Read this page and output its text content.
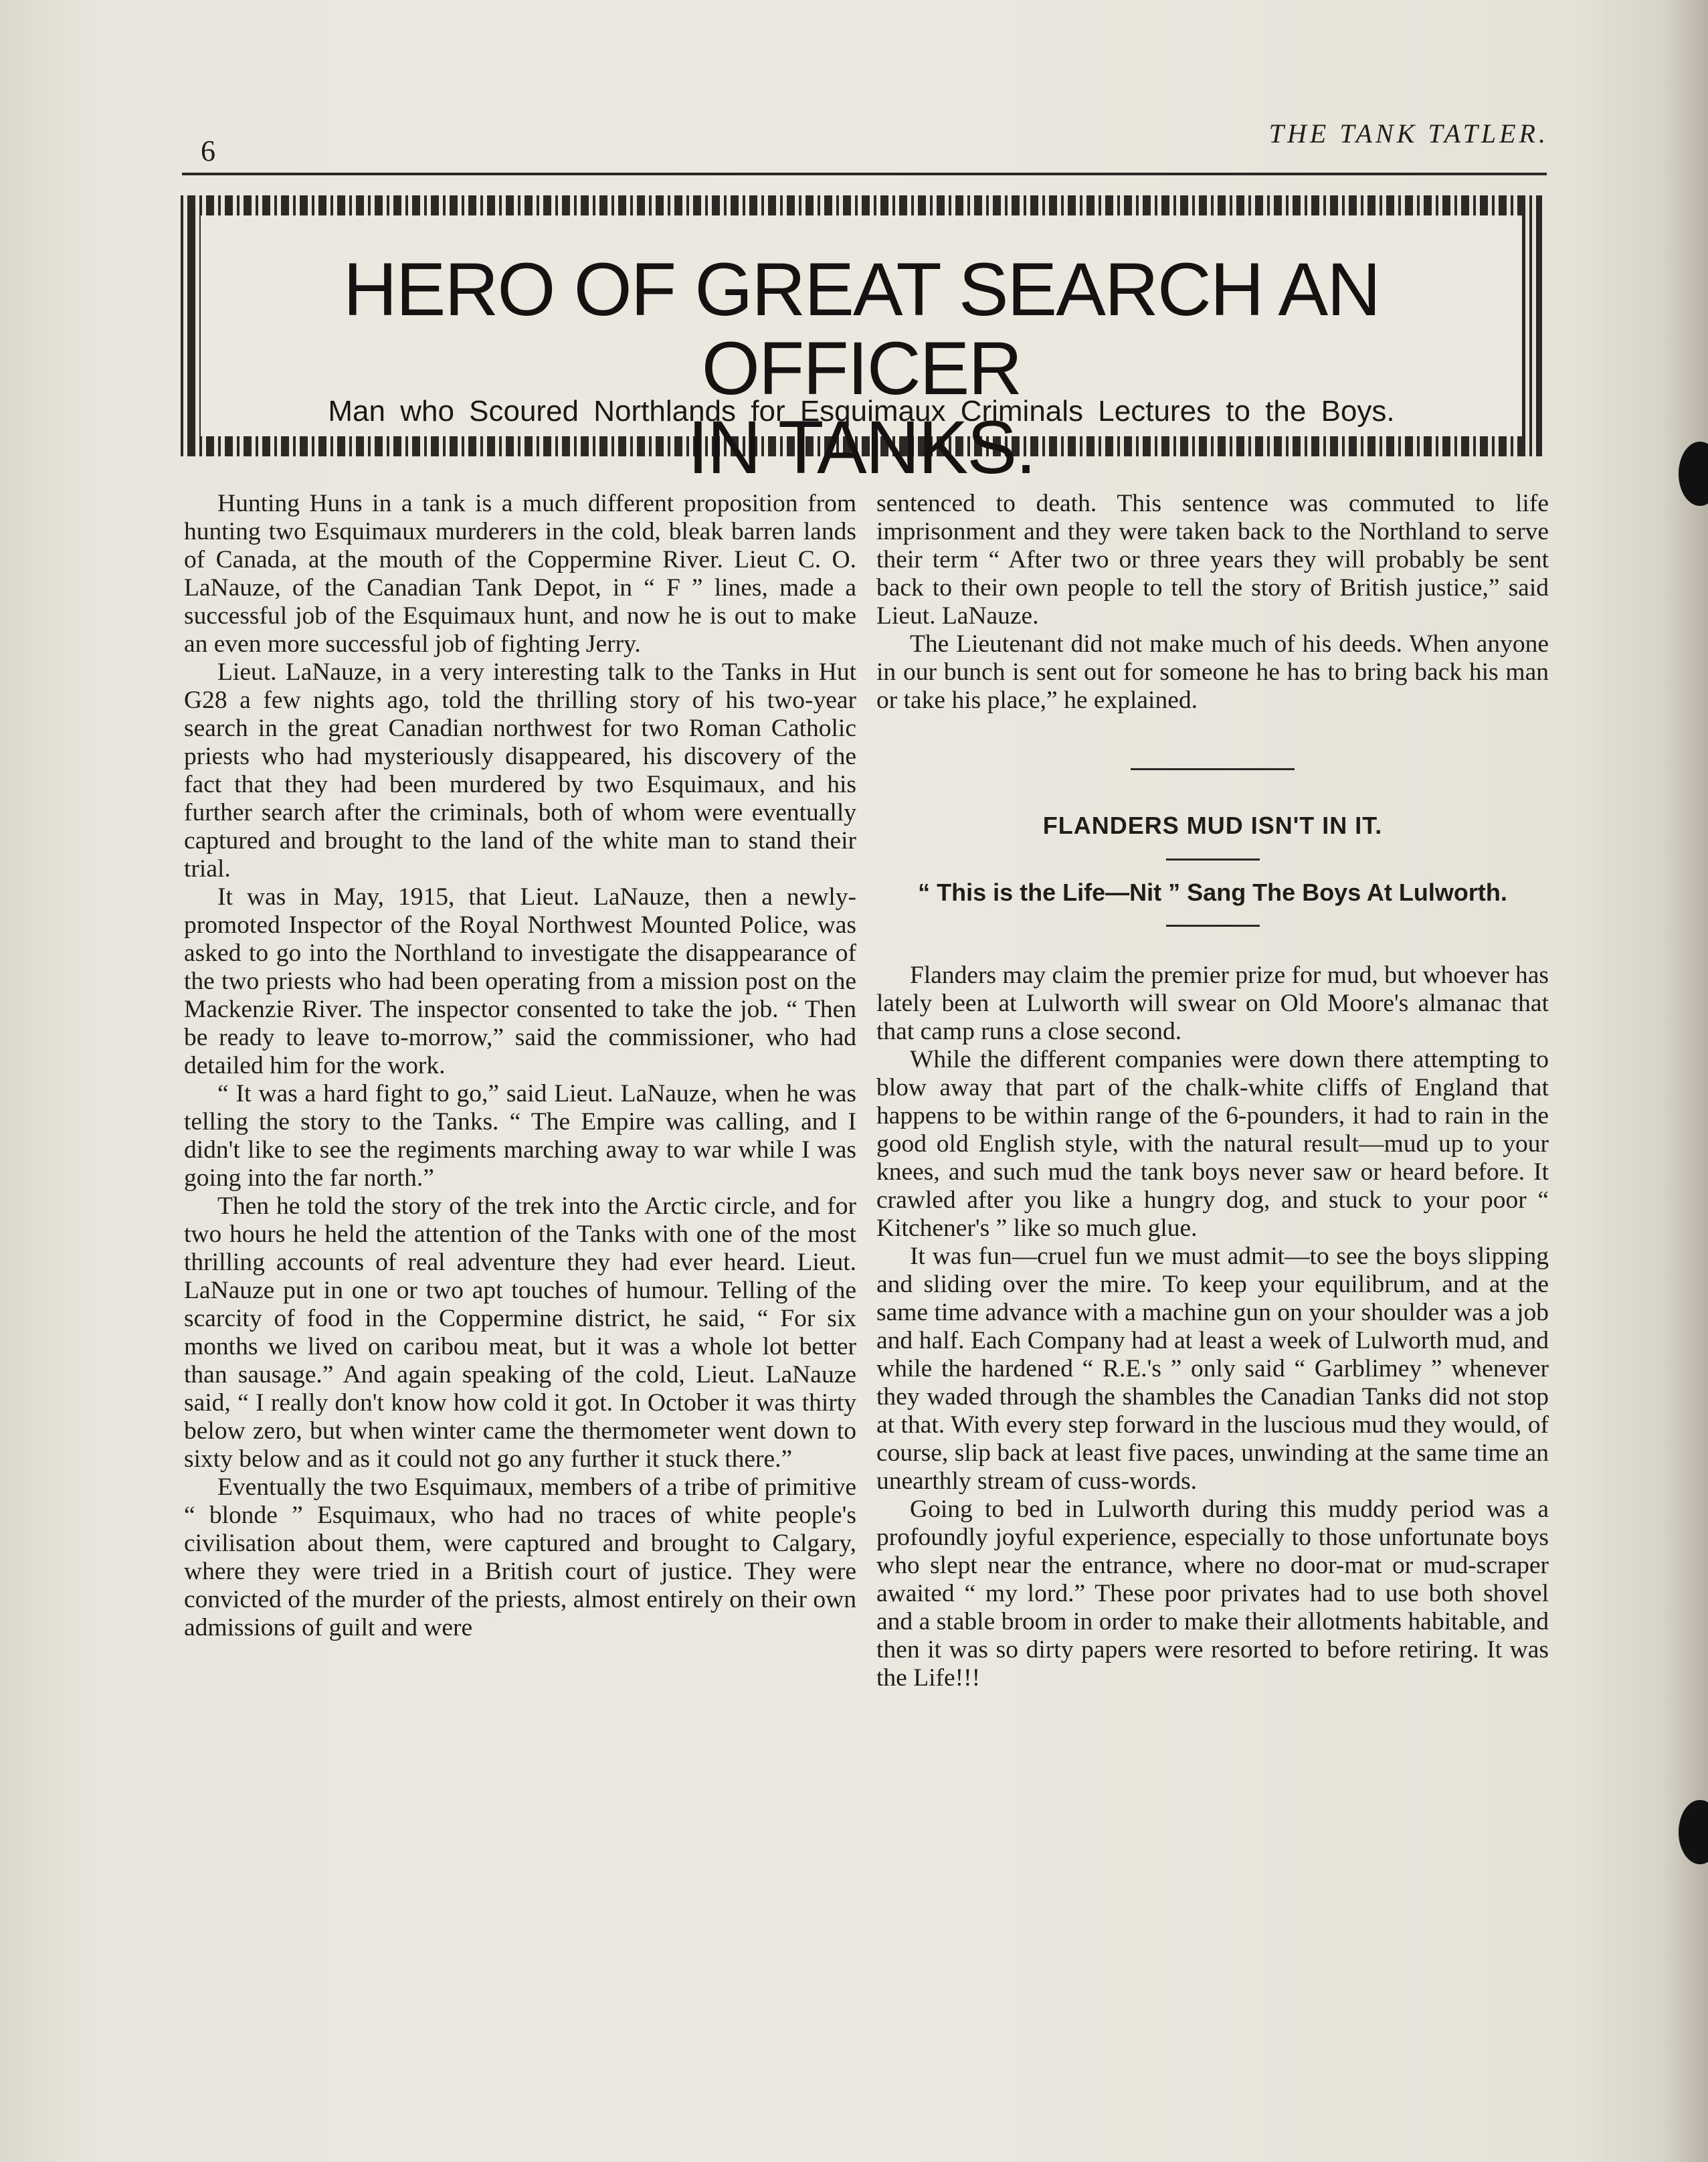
6
THE TANK TATLER.
HERO OF GREAT SEARCH AN OFFICER
IN TANKS.
Man who Scoured Northlands for Esquimaux Criminals Lectures to the Boys.

Hunting Huns in a tank is a much different proposition from hunting two Esquimaux murderers in the cold, bleak barren lands of Canada, at the mouth of the Coppermine River. Lieut C. O. LaNauze, of the Canadian Tank Depot, in “ F ” lines, made a successful job of the Esquimaux hunt, and now he is out to make an even more successful job of fighting Jerry.

Lieut. LaNauze, in a very interesting talk to the Tanks in Hut G28 a few nights ago, told the thrilling story of his two-year search in the great Canadian northwest for two Roman Catholic priests who had mysteriously disappeared, his discovery of the fact that they had been murdered by two Esquimaux, and his further search after the criminals, both of whom were eventually captured and brought to the land of the white man to stand their trial.

It was in May, 1915, that Lieut. LaNauze, then a newly-promoted Inspector of the Royal Northwest Mounted Police, was asked to go into the Northland to investigate the disappearance of the two priests who had been operating from a mission post on the Mackenzie River. The inspector consented to take the job. “ Then be ready to leave to-morrow,” said the commissioner, who had detailed him for the work.

“ It was a hard fight to go,” said Lieut. LaNauze, when he was telling the story to the Tanks. “ The Empire was calling, and I didn't like to see the regiments marching away to war while I was going into the far north.”

Then he told the story of the trek into the Arctic circle, and for two hours he held the attention of the Tanks with one of the most thrilling accounts of real adventure they had ever heard. Lieut. LaNauze put in one or two apt touches of humour. Telling of the scarcity of food in the Coppermine district, he said, “ For six months we lived on caribou meat, but it was a whole lot better than sausage.” And again speaking of the cold, Lieut. LaNauze said, “ I really don't know how cold it got. In October it was thirty below zero, but when winter came the thermometer went down to sixty below and as it could not go any further it stuck there.”

Eventually the two Esquimaux, members of a tribe of primitive “ blonde ” Esquimaux, who had no traces of white people's civilisation about them, were captured and brought to Calgary, where they were tried in a British court of justice. They were convicted of the murder of the priests, almost entirely on their own admissions of guilt and were

sentenced to death. This sentence was commuted to life imprisonment and they were taken back to the Northland to serve their term “ After two or three years they will probably be sent back to their own people to tell the story of British justice,” said Lieut. LaNauze.

The Lieutenant did not make much of his deeds. When anyone in our bunch is sent out for someone he has to bring back his man or take his place,” he explained.

FLANDERS MUD ISN'T IN IT.
“ This is the Life—Nit ” Sang The Boys At Lulworth.

Flanders may claim the premier prize for mud, but whoever has lately been at Lulworth will swear on Old Moore's almanac that that camp runs a close second.

While the different companies were down there attempting to blow away that part of the chalk-white cliffs of England that happens to be within range of the 6-pounders, it had to rain in the good old English style, with the natural result—mud up to your knees, and such mud the tank boys never saw or heard before. It crawled after you like a hungry dog, and stuck to your poor “ Kitchener's ” like so much glue.

It was fun—cruel fun we must admit—to see the boys slipping and sliding over the mire. To keep your equilibrum, and at the same time advance with a machine gun on your shoulder was a job and half. Each Company had at least a week of Lulworth mud, and while the hardened “ R.E.'s ” only said “ Garblimey ” whenever they waded through the shambles the Canadian Tanks did not stop at that. With every step forward in the luscious mud they would, of course, slip back at least five paces, unwinding at the same time an unearthly stream of cuss-words.

Going to bed in Lulworth during this muddy period was a profoundly joyful experience, especially to those unfortunate boys who slept near the entrance, where no door-mat or mud-scraper awaited “ my lord.” These poor privates had to use both shovel and a stable broom in order to make their allotments habitable, and then it was so dirty papers were resorted to before retiring. It was the Life!!!
